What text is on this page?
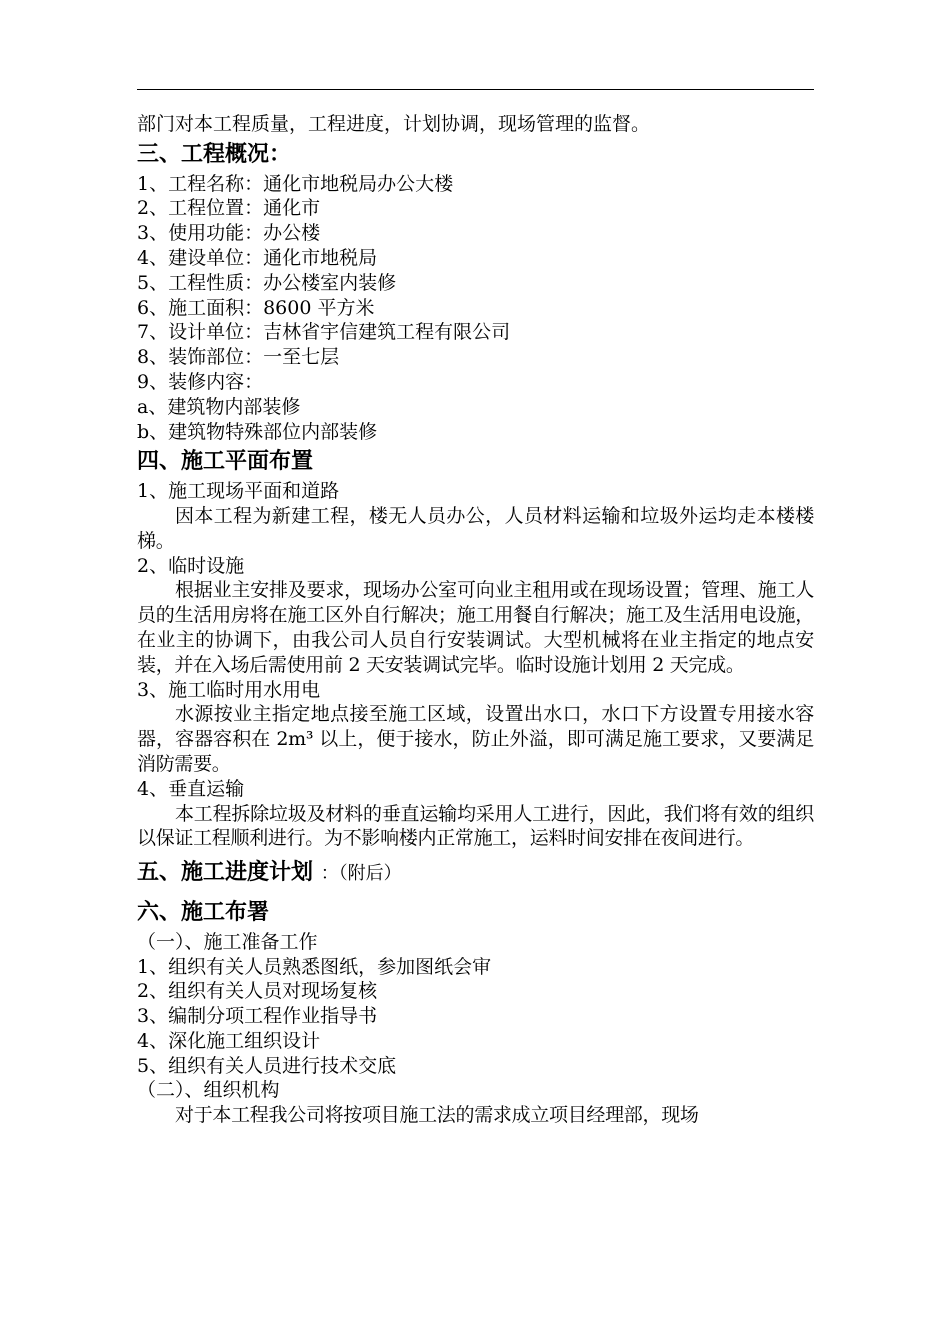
部门对本工程质量，工程进度，计划协调，现场管理的监督。

三、工程概况：

1、工程名称：通化市地税局办公大楼

2、工程位置：通化市

3、使用功能：办公楼

4、建设单位：通化市地税局

5、工程性质：办公楼室内装修

6、施工面积：8600 平方米

7、设计单位：吉林省宇信建筑工程有限公司

8、装饰部位：一至七层

9、装修内容：

a、建筑物内部装修

b、建筑物特殊部位内部装修

四、施工平面布置

1、施工现场平面和道路

因本工程为新建工程，楼无人员办公，人员材料运输和垃圾外运均走本楼楼梯。

2、临时设施

根据业主安排及要求，现场办公室可向业主租用或在现场设置；管理、施工人员的生活用房将在施工区外自行解决；施工用餐自行解决；施工及生活用电设施，在业主的协调下，由我公司人员自行安装调试。大型机械将在业主指定的地点安装，并在入场后需使用前 2 天安装调试完毕。临时设施计划用 2 天完成。

3、施工临时用水用电

水源按业主指定地点接至施工区域，设置出水口，水口下方设置专用接水容器，容器容积在 2m³ 以上，便于接水，防止外溢，即可满足施工要求，又要满足消防需要。

4、垂直运输

本工程拆除垃圾及材料的垂直运输均采用人工进行，因此，我们将有效的组织以保证工程顺利进行。为不影响楼内正常施工，运料时间安排在夜间进行。

五、施工进度计划 ：（附后）
六、施工布署

（一）、施工准备工作

1、组织有关人员熟悉图纸，参加图纸会审

2、组织有关人员对现场复核

3、编制分项工程作业指导书

4、深化施工组织设计

5、组织有关人员进行技术交底

（二）、组织机构

对于本工程我公司将按项目施工法的需求成立项目经理部，现场
